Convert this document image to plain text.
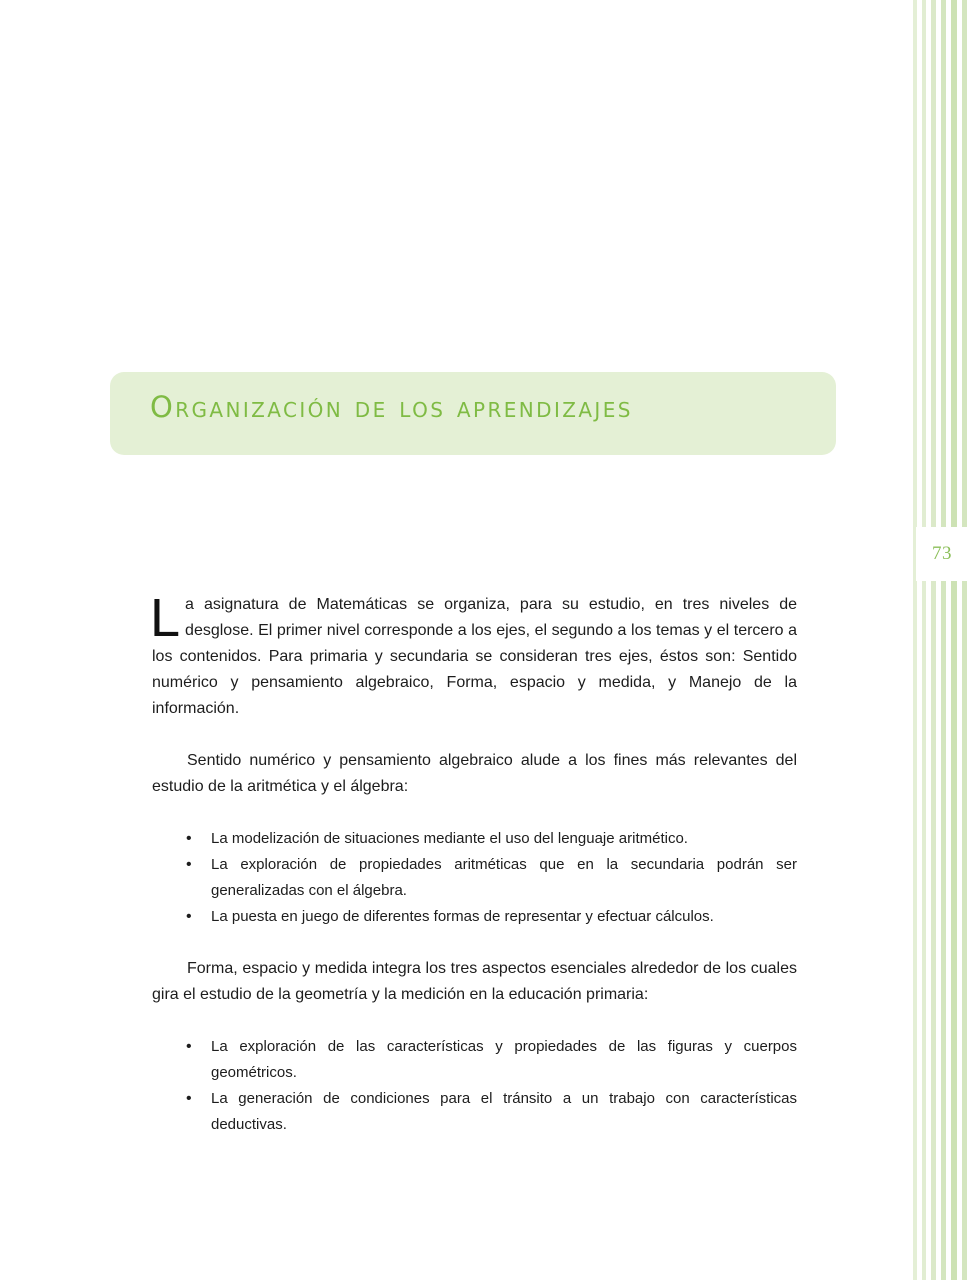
73
Organización de los aprendizajes

La asignatura de Matemáticas se organiza, para su estudio, en tres niveles de desglose. El primer nivel corresponde a los ejes, el segundo a los temas y el tercero a los contenidos. Para primaria y secundaria se consideran tres ejes, éstos son: Sentido numérico y pensamiento algebraico, Forma, espacio y medida, y Manejo de la información.

Sentido numérico y pensamiento algebraico alude a los fines más relevantes del estudio de la aritmética y el álgebra:

• La modelización de situaciones mediante el uso del lenguaje aritmético.
• La exploración de propiedades aritméticas que en la secundaria podrán ser generalizadas con el álgebra.
• La puesta en juego de diferentes formas de representar y efectuar cálculos.

Forma, espacio y medida integra los tres aspectos esenciales alrededor de los cuales gira el estudio de la geometría y la medición en la educación primaria:

• La exploración de las características y propiedades de las figuras y cuerpos geométricos.
• La generación de condiciones para el tránsito a un trabajo con características deductivas.
